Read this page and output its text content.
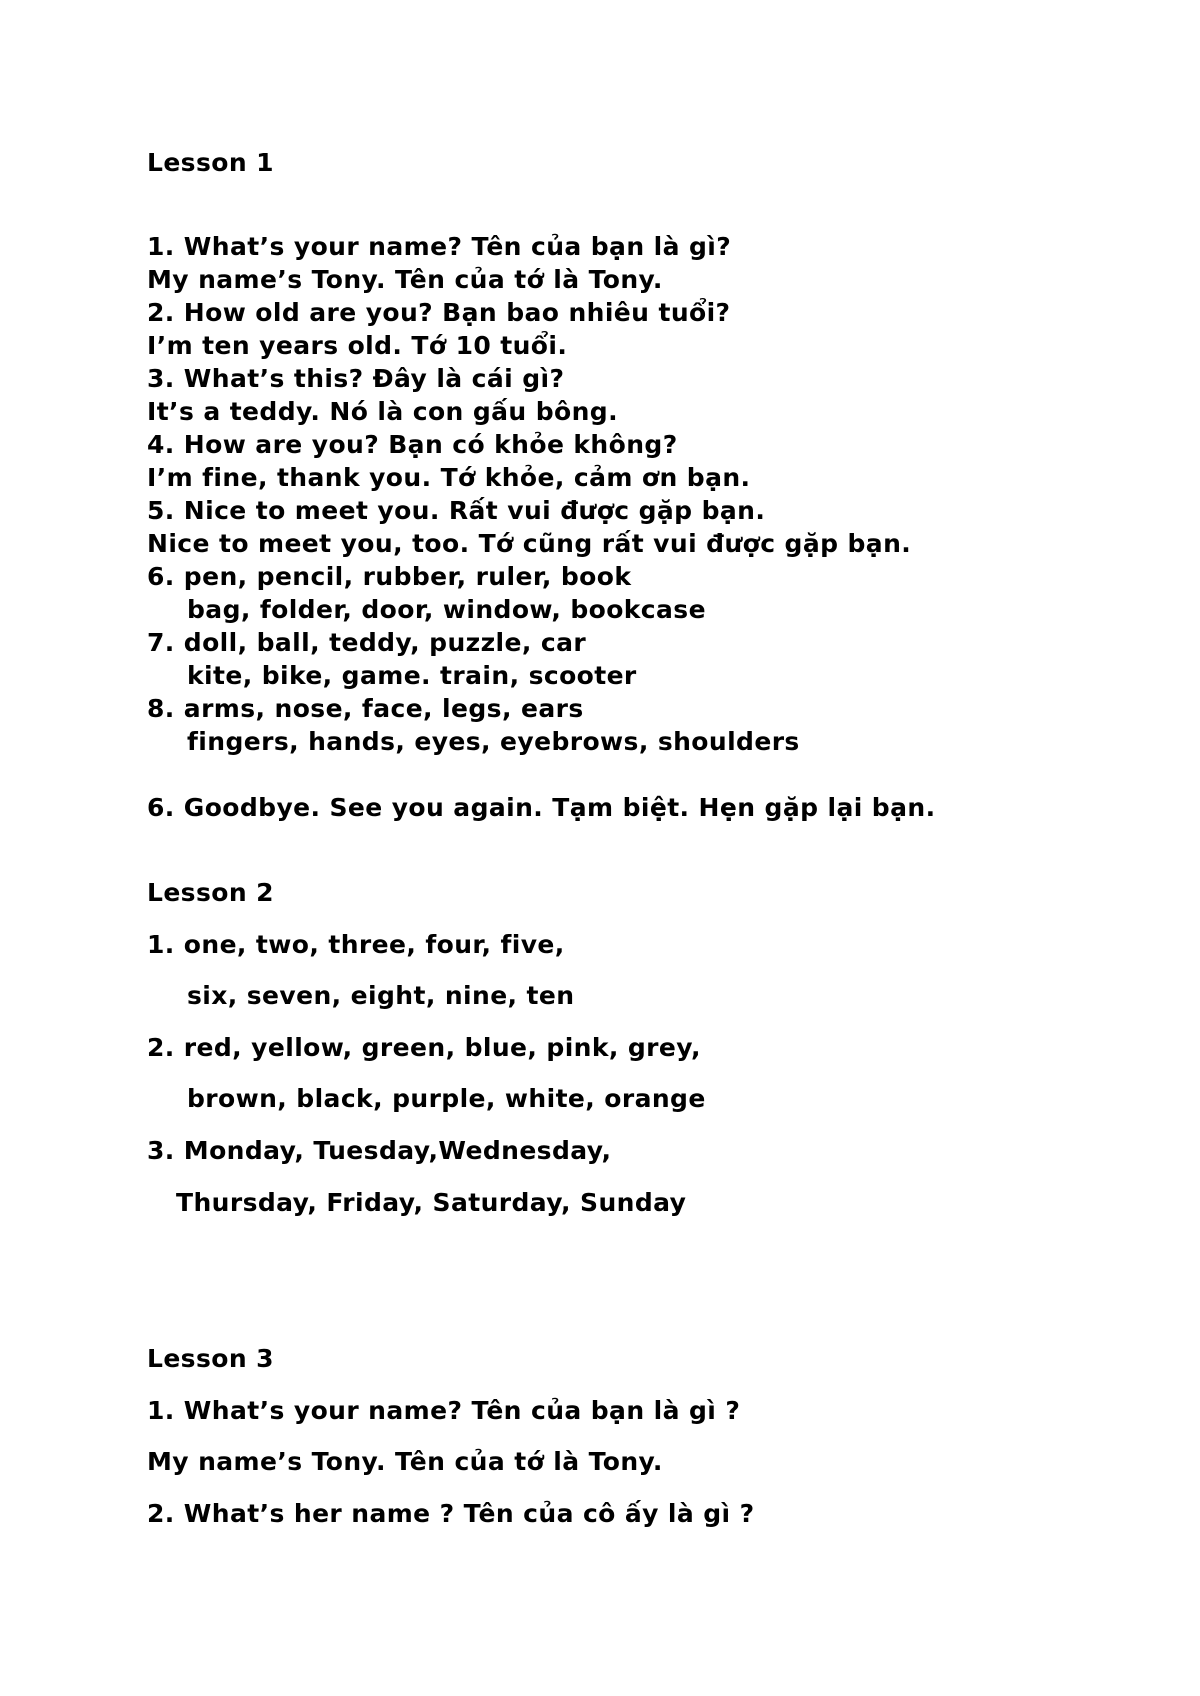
Lesson 1

1. What’s your name? Tên của bạn là gì?

My name’s Tony. Tên của tớ là Tony.

2. How old are you? Bạn bao nhiêu tuổi?

I’m ten years old. Tớ 10 tuổi.

3. What’s this? Đây là cái gì?

It’s a teddy. Nó là con gấu bông.

4. How are you? Bạn có khỏe không?

I’m fine, thank you. Tớ khỏe, cảm ơn bạn.

5. Nice to meet you. Rất vui được gặp bạn.

Nice to meet you, too. Tớ cũng rất vui được gặp bạn.

6. pen, pencil, rubber, ruler, book

bag, folder, door, window, bookcase

7. doll, ball, teddy, puzzle, car

kite, bike, game. train, scooter

8. arms, nose, face, legs, ears

fingers, hands, eyes, eyebrows, shoulders

6. Goodbye. See you again. Tạm biệt. Hẹn gặp lại bạn.

Lesson 2

1. one, two, three, four, five,

six, seven, eight, nine, ten

2. red, yellow, green, blue, pink, grey,

brown, black, purple, white, orange

3. Monday, Tuesday,Wednesday,

Thursday, Friday, Saturday, Sunday

Lesson 3

1. What’s your name? Tên của bạn là gì ?

My name’s Tony. Tên của tớ là Tony.

2. What’s her name ? Tên của cô ấy là gì ?
